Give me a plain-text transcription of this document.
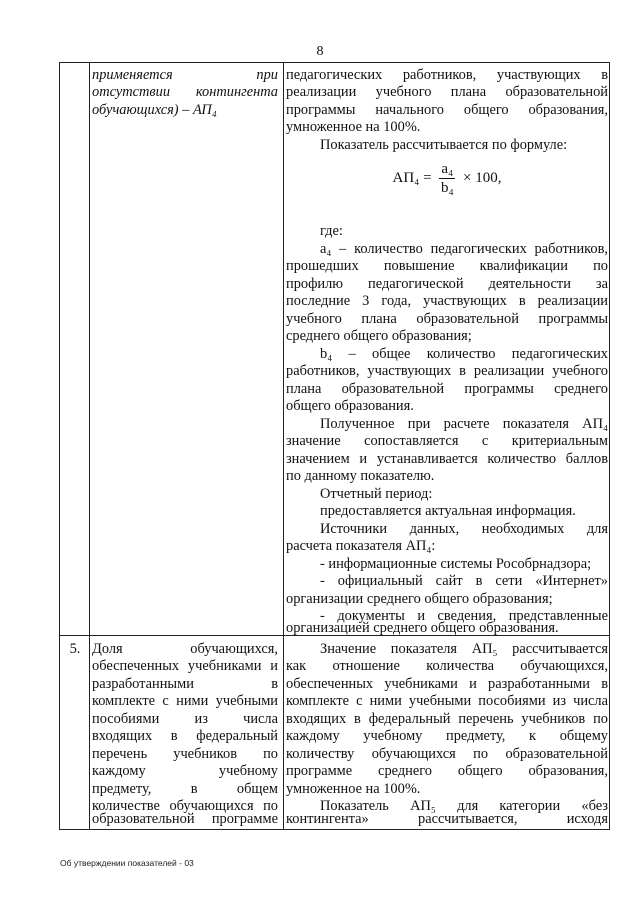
8
применяется при
отсутствии контингента
обучающихся) – АП₄
педагогических работников, участвующих в
реализации учебного плана образовательной
программы начального общего образования,
умноженное на 100%.
Показатель рассчитывается по формуле:
$АП_4 = \frac{\text{a₄}}{\text{b₄}} \times 100$,
где:
a₄ – количество педагогических работников,
прошедших повышение квалификации по
профилю педагогической деятельности за
последние 3 года, участвующих в реализации
учебного плана образовательной программы
среднего общего образования;
b₄ – общее количество педагогических
работников, участвующих в реализации учебного
плана образовательной программы среднего
общего образования.
Полученное при расчете показателя АП₄
значение сопоставляется с критериальным
значением и устанавливается количество баллов
по данному показателю.
Отчетный период:
предоставляется актуальная информация.
Источники данных, необходимых для
расчета показателя АП₄:
- информационные системы Рособрнадзора;
- официальный сайт в сети «Интернет»
организации среднего общего образования;
- документы и сведения, представленные
организацией среднего общего образования.
5. Доля обучающихся,
обеспеченных учебниками и
разработанными в
комплекте с ними учебными
пособиями из числа
входящих в федеральный
перечень учебников по
каждому учебному
предмету, в общем
количестве обучающихся по
образовательной программе
Значение показателя АП₅ рассчитывается
как отношение количества обучающихся,
обеспеченных учебниками и разработанными в
комплекте с ними учебными пособиями из числа
входящих в федеральный перечень учебников по
каждому учебному предмету, к общему
количеству обучающихся по образовательной
программе среднего общего образования,
умноженное на 100%.
Показатель АП₅ для категории «без
контингента» рассчитывается, исходя
Об утверждении показателей - 03
